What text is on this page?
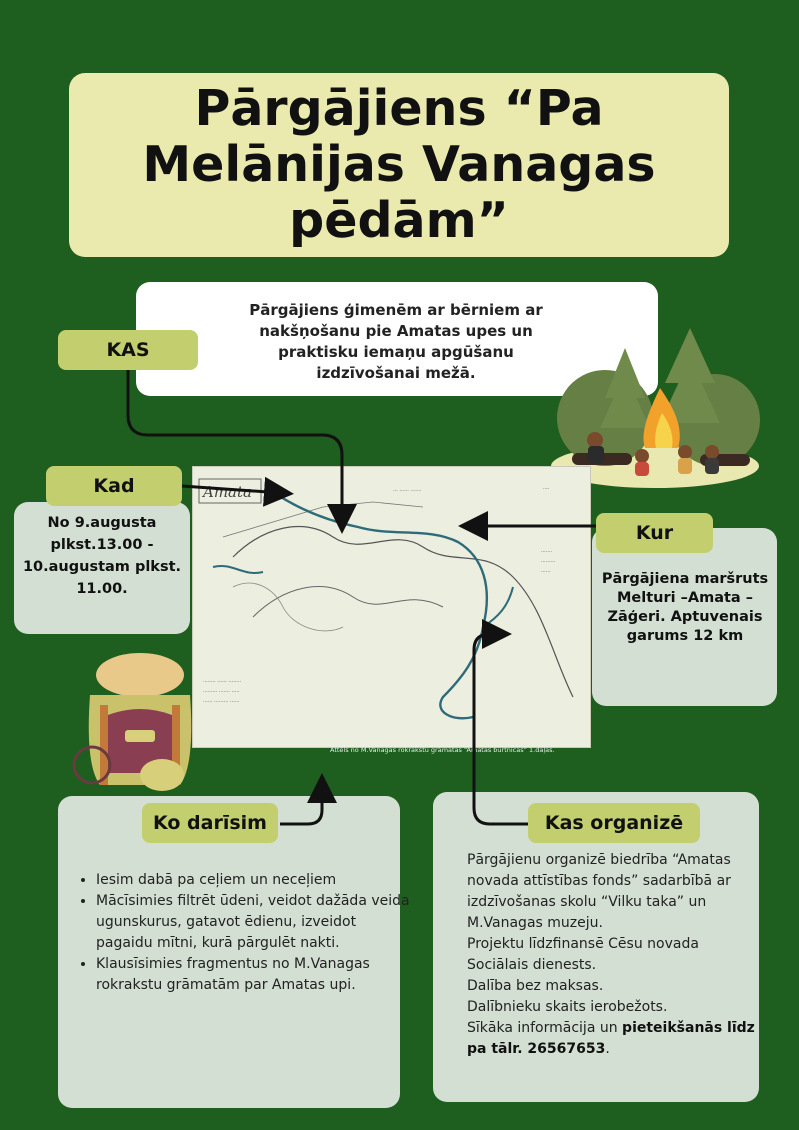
Pārgājiens “Pa Melānijas Vanagas pēdām”

Pārgājiens ģimenēm ar bērniem ar nakšņošanu pie Amatas upes un praktisku iemaņu apgūšanu izdzīvošanai mežā.

KAS
Kad
No 9.augusta plkst.13.00 - 10.augustam plkst. 11.00.
Amata	... ...... .......	....
.......
.........
......
........ ...... ........
......... ....... .....
...... ......... ......
Attēls no M.Vanagas rokrakstu grāmatas “Amatas burtnīcas” 1.daļas.
Kur
Pārgājiena maršruts Melturi –Amata – Zāģeri. Aptuvenais garums 12 km
Ko darīsim
• Iesim dabā pa ceļiem un neceļiem
• Mācīsimies filtrēt ūdeni, veidot dažāda veida ugunskurus, gatavot ēdienu, izveidot pagaidu mītni, kurā pārgulēt nakti.
• Klausīsimies fragmentus no M.Vanagas rokrakstu grāmatām par Amatas upi.
Kas organizē

Pārgājienu organizē biedrība “Amatas novada attīstības fonds” sadarbībā ar izdzīvošanas skolu “Vilku taka” un M.Vanagas muzeju.

Projektu līdzfinansē Cēsu novada Sociālais dienests.

Dalība bez maksas.

Dalībnieku skaits ierobežots.

Sīkāka informācija un pieteikšanās līdz pa tālr. 26567653.
